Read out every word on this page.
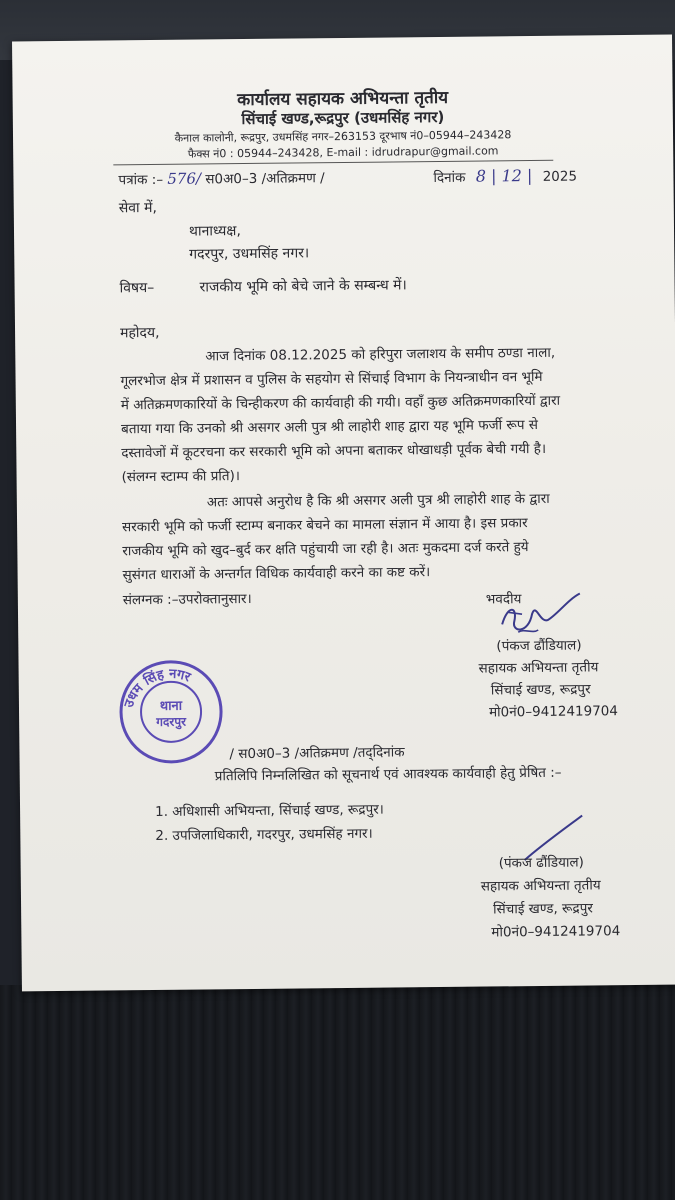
कार्यालय सहायक अभियन्ता तृतीय
सिंचाई खण्ड,रूद्रपुर (उधमसिंह नगर)
कैनाल कालोनी, रूद्रपुर, उधमसिंह नगर–263153 दूरभाष नं0–05944–243428
फैक्स नं0 : 05944–243428, E-mail : idrudrapur@gmail.com
पत्रांक :– 576/ स0अ0–3 /अतिक्रमण /	दिनांक 8 | 12 | 2025
सेवा में,
थानाध्यक्ष,
गदरपुर, उधमसिंह नगर।
विषय–	राजकीय भूमि को बेचे जाने के सम्बन्ध में।
महोदय,
आज दिनांक 08.12.2025 को हरिपुरा जलाशय के समीप ठण्डा नाला,
गूलरभोज क्षेत्र में प्रशासन व पुलिस के सहयोग से सिंचाई विभाग के नियन्त्राधीन वन भूमि
में अतिक्रमणकारियों के चिन्हीकरण की कार्यवाही की गयी। वहाँ कुछ अतिक्रमणकारियों द्वारा
बताया गया कि उनको श्री असगर अली पुत्र श्री लाहोरी शाह द्वारा यह भूमि फर्जी रूप से
दस्तावेजों में कूटरचना कर सरकारी भूमि को अपना बताकर धोखाधड़ी पूर्वक बेची गयी है।
(संलग्न स्टाम्प की प्रति)।
अतः आपसे अनुरोध है कि श्री असगर अली पुत्र श्री लाहोरी शाह के द्वारा
सरकारी भूमि को फर्जी स्टाम्प बनाकर बेचने का मामला संज्ञान में आया है। इस प्रकार
राजकीय भूमि को खुद–बुर्द कर क्षति पहुंचायी जा रही है। अतः मुकदमा दर्ज करते हुये
सुसंगत धाराओं के अन्तर्गत विधिक कार्यवाही करने का कष्ट करें।
संलग्नक :–उपरोक्तानुसार।	भवदीय
(पंकज ढौंडियाल)
सहायक अभियन्ता तृतीय
सिंचाई खण्ड, रूद्रपुर
मो0नं0–9412419704
उधम सिंह नगर
थाना
गदरपुर
/ स0अ0–3 /अतिक्रमण /तद्‌दिनांक
प्रतिलिपि निम्नलिखित को सूचनार्थ एवं आवश्यक कार्यवाही हेतु प्रेषित :–
1. अधिशासी अभियन्ता, सिंचाई खण्ड, रूद्रपुर।
2. उपजिलाधिकारी, गदरपुर, उधमसिंह नगर।
(पंकज ढौंडियाल)
सहायक अभियन्ता तृतीय
सिंचाई खण्ड, रूद्रपुर
मो0नं0–9412419704
